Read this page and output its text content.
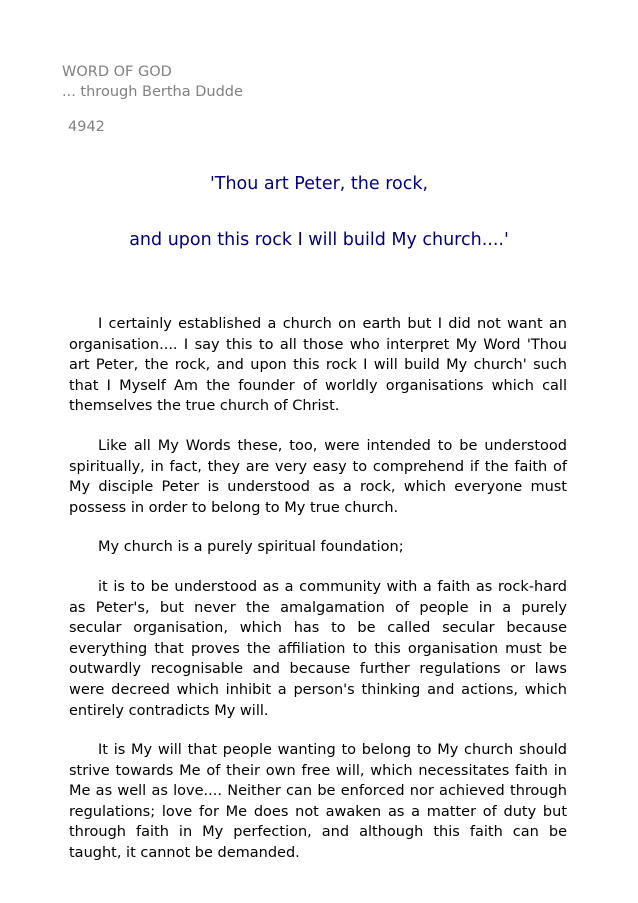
WORD OF GOD
... through Bertha Dudde
4942
'Thou art Peter, the rock,
and upon this rock I will build My church....'

I certainly established a church on earth but I did not want an organisation.... I say this to all those who interpret My Word 'Thou art Peter, the rock, and upon this rock I will build My church' such that I Myself Am the founder of worldly organisations which call themselves the true church of Christ.

Like all My Words these, too, were intended to be understood spiritually, in fact, they are very easy to comprehend if the faith of My disciple Peter is understood as a rock, which everyone must possess in order to belong to My true church.

My church is a purely spiritual foundation;

it is to be understood as a community with a faith as rock-hard as Peter's, but never the amalgamation of people in a purely secular organisation, which has to be called secular because everything that proves the affiliation to this organisation must be outwardly recognisable and because further regulations or laws were decreed which inhibit a person's thinking and actions, which entirely contradicts My will.

It is My will that people wanting to belong to My church should strive towards Me of their own free will, which necessitates faith in Me as well as love.... Neither can be enforced nor achieved through regulations; love for Me does not awaken as a matter of duty but through faith in My perfection, and although this faith can be taught, it cannot be demanded.
